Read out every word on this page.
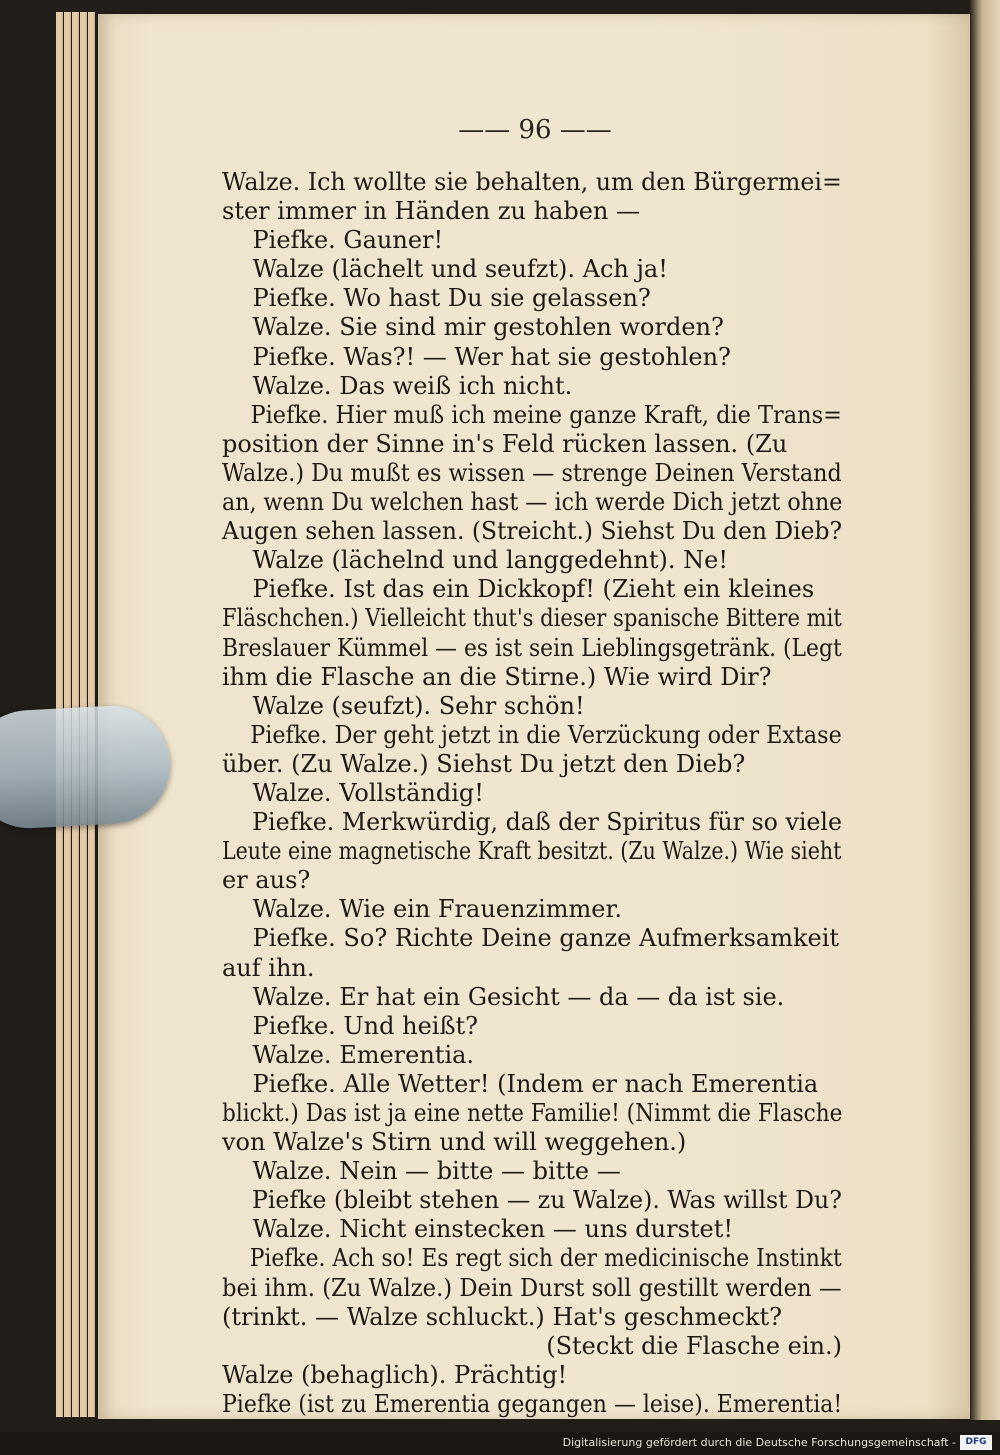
—— 96 ——
Walze. Ich wollte sie behalten, um den Bürgermei=
ster immer in Händen zu haben —
Piefke. Gauner!
Walze (lächelt und seufzt). Ach ja!
Piefke. Wo hast Du sie gelassen?
Walze. Sie sind mir gestohlen worden?
Piefke. Was?! — Wer hat sie gestohlen?
Walze. Das weiß ich nicht.
Piefke. Hier muß ich meine ganze Kraft, die Trans=
position der Sinne in's Feld rücken lassen. (Zu
Walze.) Du mußt es wissen — strenge Deinen Verstand
an, wenn Du welchen hast — ich werde Dich jetzt ohne
Augen sehen lassen. (Streicht.) Siehst Du den Dieb?
Walze (lächelnd und langgedehnt). Ne!
Piefke. Ist das ein Dickkopf! (Zieht ein kleines
Fläschchen.) Vielleicht thut's dieser spanische Bittere mit
Breslauer Kümmel — es ist sein Lieblingsgetränk. (Legt
ihm die Flasche an die Stirne.) Wie wird Dir?
Walze (seufzt). Sehr schön!
Piefke. Der geht jetzt in die Verzückung oder Extase
über. (Zu Walze.) Siehst Du jetzt den Dieb?
Walze. Vollständig!
Piefke. Merkwürdig, daß der Spiritus für so viele
Leute eine magnetische Kraft besitzt. (Zu Walze.) Wie sieht
er aus?
Walze. Wie ein Frauenzimmer.
Piefke. So? Richte Deine ganze Aufmerksamkeit
auf ihn.
Walze. Er hat ein Gesicht — da — da ist sie.
Piefke. Und heißt?
Walze. Emerentia.
Piefke. Alle Wetter! (Indem er nach Emerentia
blickt.) Das ist ja eine nette Familie! (Nimmt die Flasche
von Walze's Stirn und will weggehen.)
Walze. Nein — bitte — bitte —
Piefke (bleibt stehen — zu Walze). Was willst Du?
Walze. Nicht einstecken — uns durstet!
Piefke. Ach so! Es regt sich der medicinische Instinkt
bei ihm. (Zu Walze.) Dein Durst soll gestillt werden —
(trinkt. — Walze schluckt.) Hat's geschmeckt?
(Steckt die Flasche ein.)
Walze (behaglich). Prächtig!
Piefke (ist zu Emerentia gegangen — leise). Emerentia!
Digitalisierung gefördert durch die Deutsche Forschungsgemeinschaft -	DFG
